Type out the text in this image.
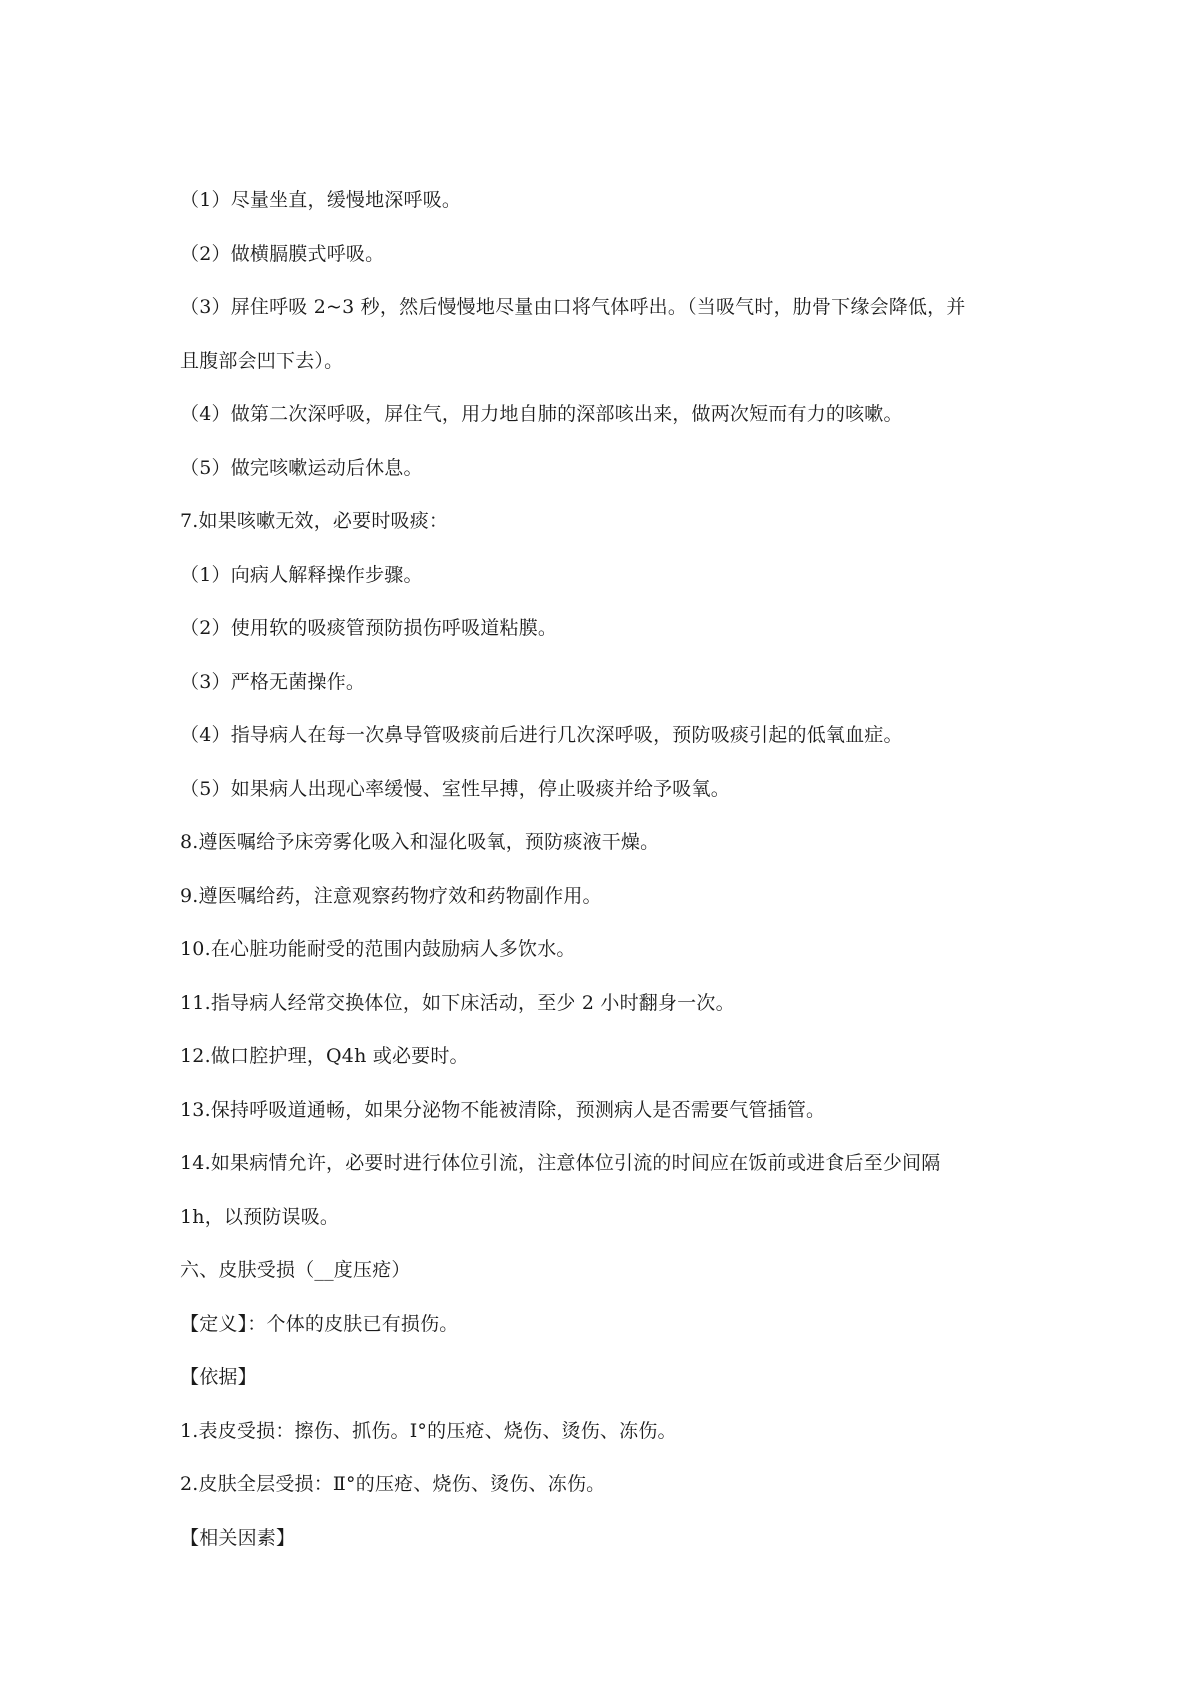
（1）尽量坐直，缓慢地深呼吸。
（2）做横膈膜式呼吸。
（3）屏住呼吸 2~3 秒，然后慢慢地尽量由口将气体呼出。（当吸气时，肋骨下缘会降低，并
且腹部会凹下去）。
（4）做第二次深呼吸，屏住气，用力地自肺的深部咳出来，做两次短而有力的咳嗽。
（5）做完咳嗽运动后休息。
7.如果咳嗽无效，必要时吸痰：
（1）向病人解释操作步骤。
（2）使用软的吸痰管预防损伤呼吸道粘膜。
（3）严格无菌操作。
（4）指导病人在每一次鼻导管吸痰前后进行几次深呼吸，预防吸痰引起的低氧血症。
（5）如果病人出现心率缓慢、室性早搏，停止吸痰并给予吸氧。
8.遵医嘱给予床旁雾化吸入和湿化吸氧，预防痰液干燥。
9.遵医嘱给药，注意观察药物疗效和药物副作用。
10.在心脏功能耐受的范围内鼓励病人多饮水。
11.指导病人经常交换体位，如下床活动，至少 2 小时翻身一次。
12.做口腔护理，Q4h 或必要时。
13.保持呼吸道通畅，如果分泌物不能被清除，预测病人是否需要气管插管。
14.如果病情允许，必要时进行体位引流，注意体位引流的时间应在饭前或进食后至少间隔
1h，以预防误吸。
六、皮肤受损（__度压疮）
【定义】：个体的皮肤已有损伤。
【依据】
1.表皮受损：擦伤、抓伤。Ⅰ°的压疮、烧伤、烫伤、冻伤。
2.皮肤全层受损：Ⅱ°的压疮、烧伤、烫伤、冻伤。
【相关因素】
